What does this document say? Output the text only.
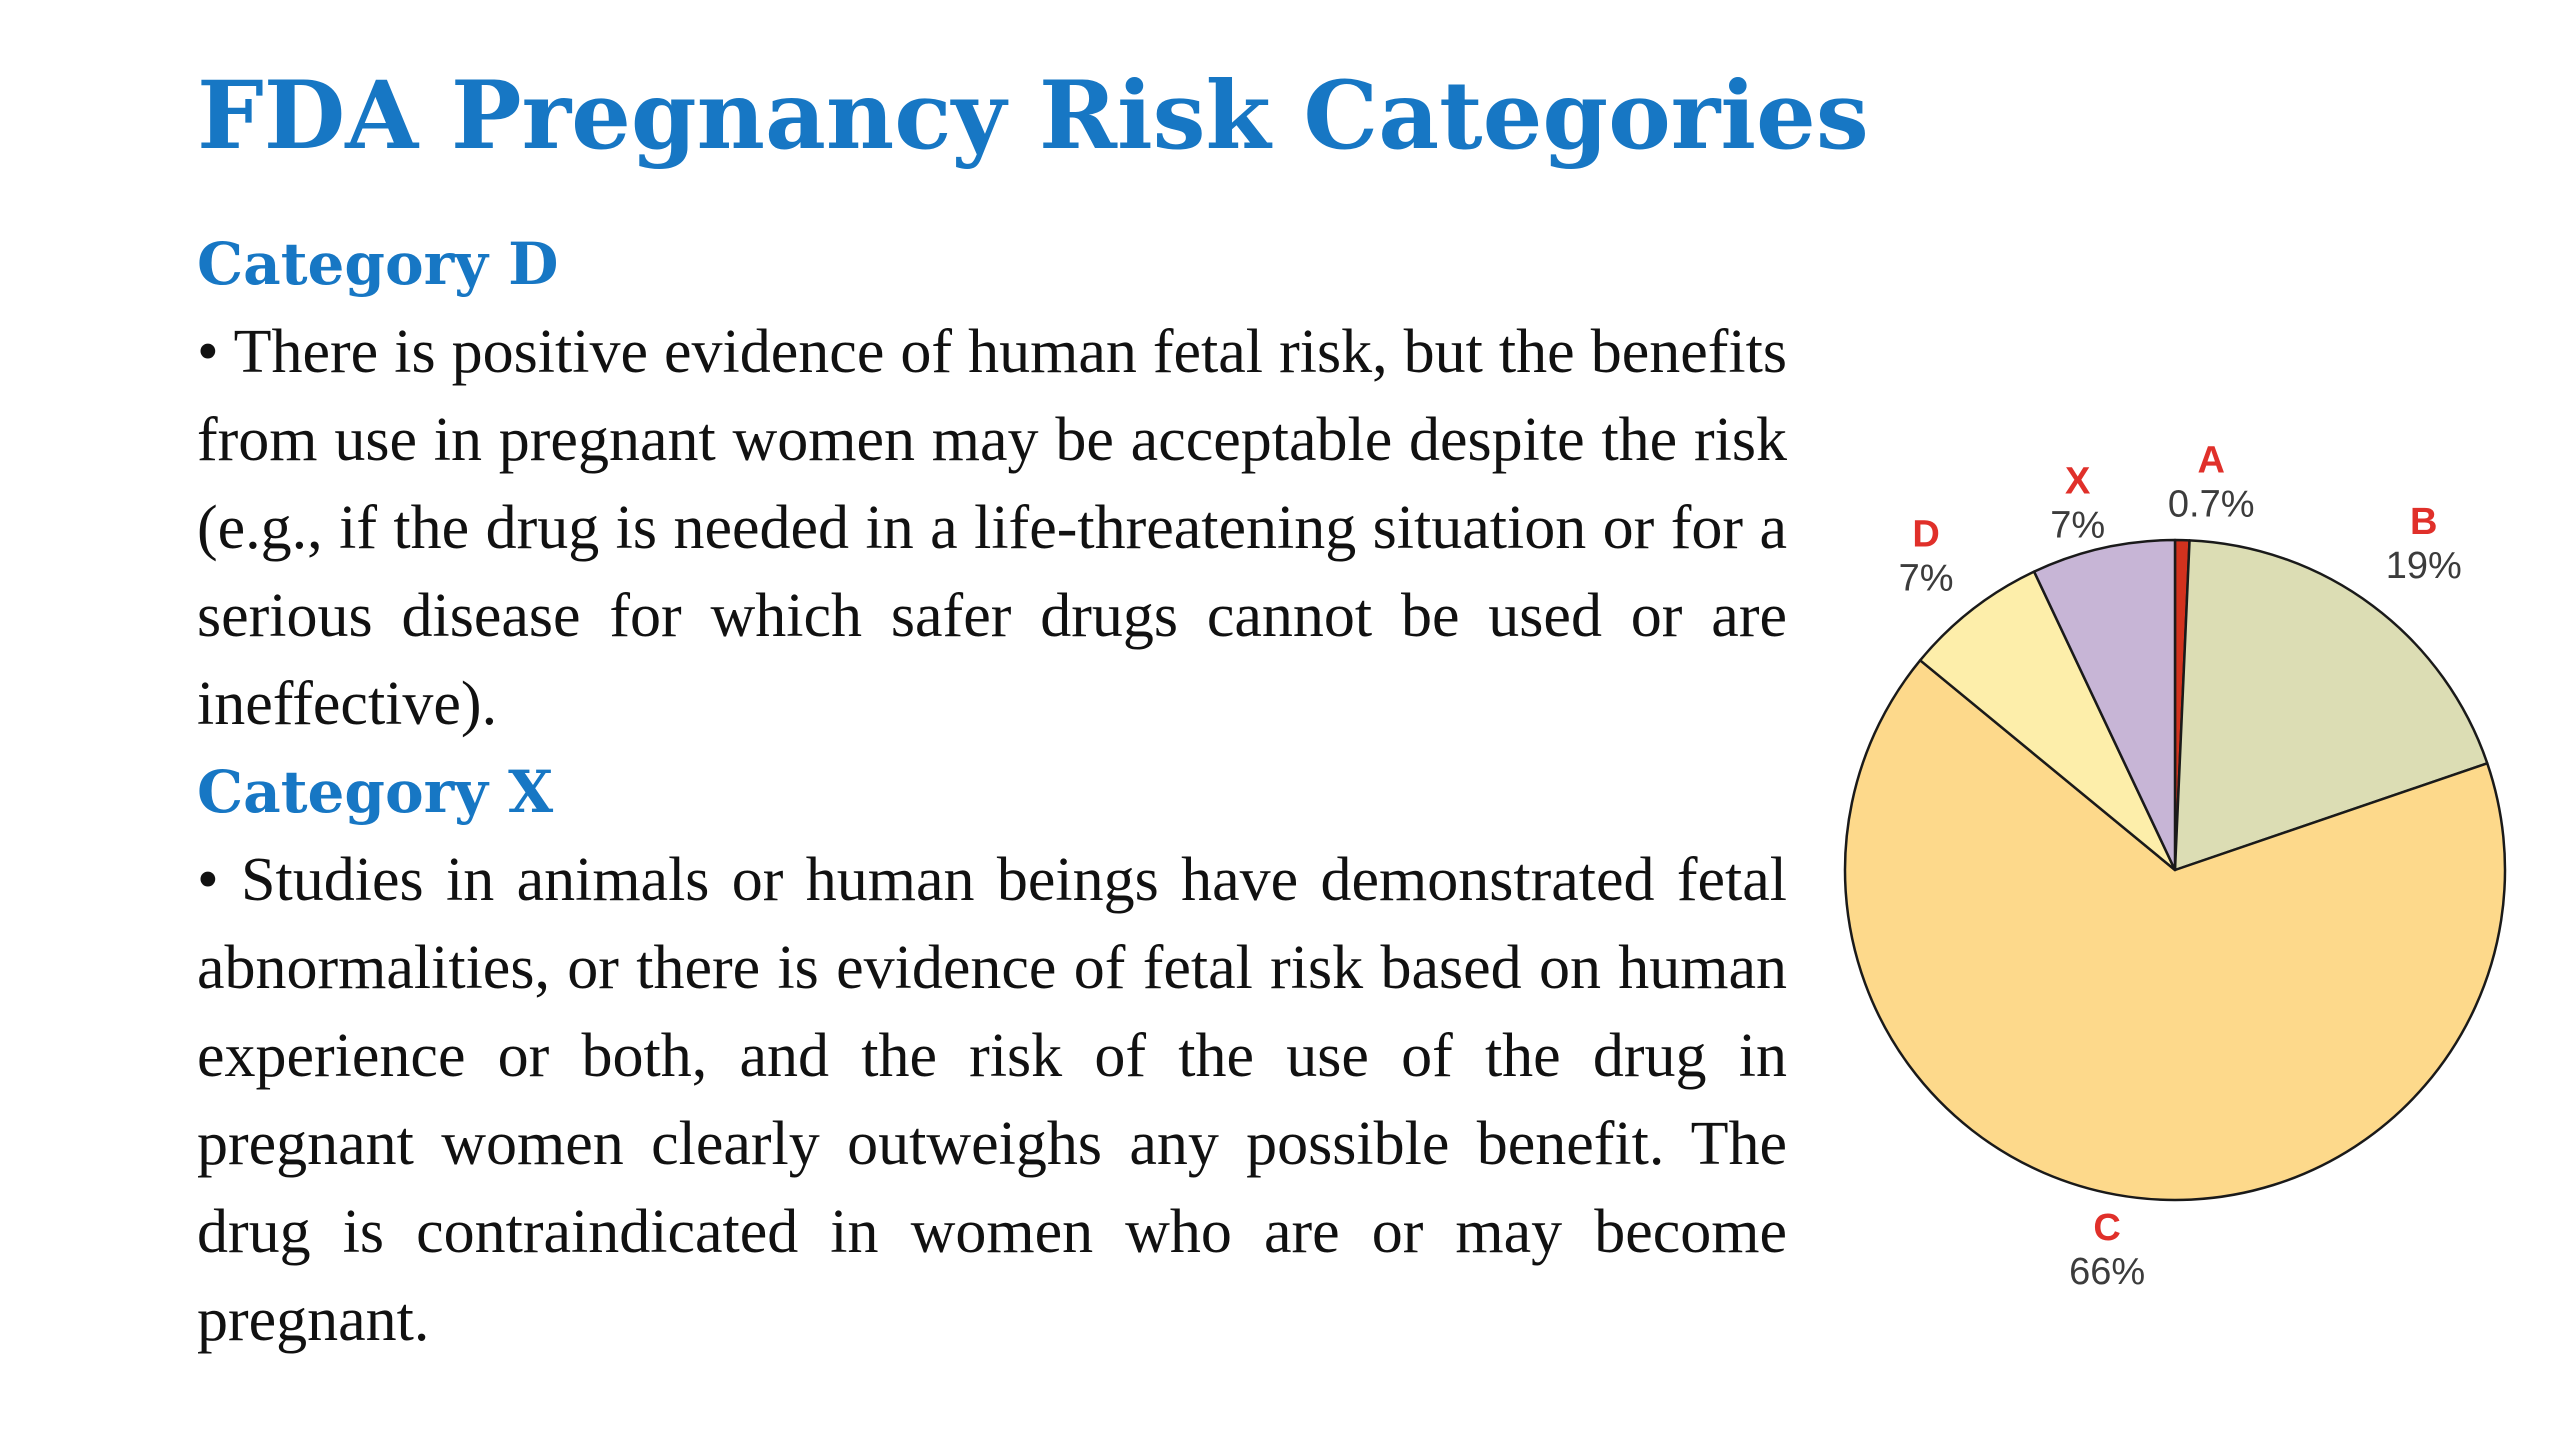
FDA Pregnancy Risk Categories

Category D

• There is positive evidence of human fetal risk, but the benefits from use in pregnant women may be acceptable despite the risk (e.g., if the drug is needed in a life-threatening situation or for a serious disease for which safer drugs cannot be used or are ineffective).

Category X

• Studies in animals or human beings have demonstrated fetal abnormalities, or there is evidence of fetal risk based on human experience or both, and the risk of the use of the drug in pregnant women clearly outweighs any possible benefit. The drug is contraindicated in women who are or may become pregnant.

A
0.7%	B
19%
C
66%
D
7%
X
7%
